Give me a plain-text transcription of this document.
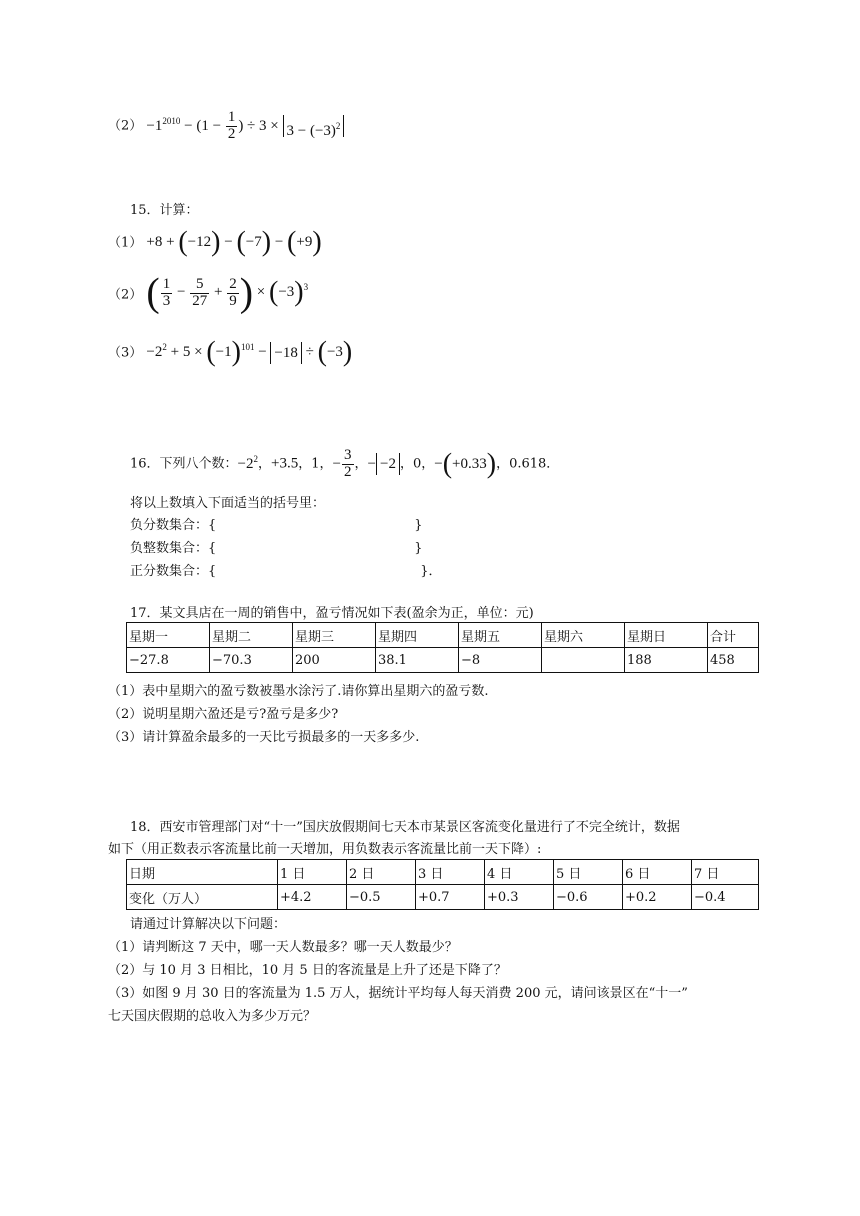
$(2) -1^{2010} - (1 - \frac{1}{2}$ ) ÷ $3 \times 3 - (-3)^2$
15．计算：
（1） +8 + (−12) − (−7) − (+9)
（2） ( $\frac{1}{3} - \frac{5}{27} + \frac{2}{9}$ ) × $(-3)^3$
$(3) -2^2 + 5 \times (-1)^{101} - -18 \div (-3)$
16．下列八个数：$-2^2$，+3.5，1，− $\frac{3}{2}$ ，− −2 ，0，−(+0.33)，0.618．
将以上数填入下面适当的括号里：
负分数集合：{	}
负整数集合：{	}
正分数集合：{	}．
17．某文具店在一周的销售中，盈亏情况如下表(盈余为正，单位：元)
星期一	星期二	星期三	星期四	星期五	星期六	星期日	合计
−27.8	−70.3	200	38.1	−8		188	458
（1）表中星期六的盈亏数被墨水涂污了.请你算出星期六的盈亏数.
（2）说明星期六盈还是亏?盈亏是多少?
（3）请计算盈余最多的一天比亏损最多的一天多多少.
18．西安市管理部门对“十一”国庆放假期间七天本市某景区客流变化量进行了不完全统计，数据
如下（用正数表示客流量比前一天增加，用负数表示客流量比前一天下降）:
日期	1 日	2 日	3 日	4 日	5 日	6 日	7 日
变化（万人）	+4.2	−0.5	+0.7	+0.3	−0.6	+0.2	−0.4
请通过计算解决以下问题：
（1）请判断这 7 天中，哪一天人数最多？哪一天人数最少？
（2）与 10 月 3 日相比，10 月 5 日的客流量是上升了还是下降了？
（3）如图 9 月 30 日的客流量为 1.5 万人，据统计平均每人每天消费 200 元，请问该景区在“十一”
七天国庆假期的总收入为多少万元？
